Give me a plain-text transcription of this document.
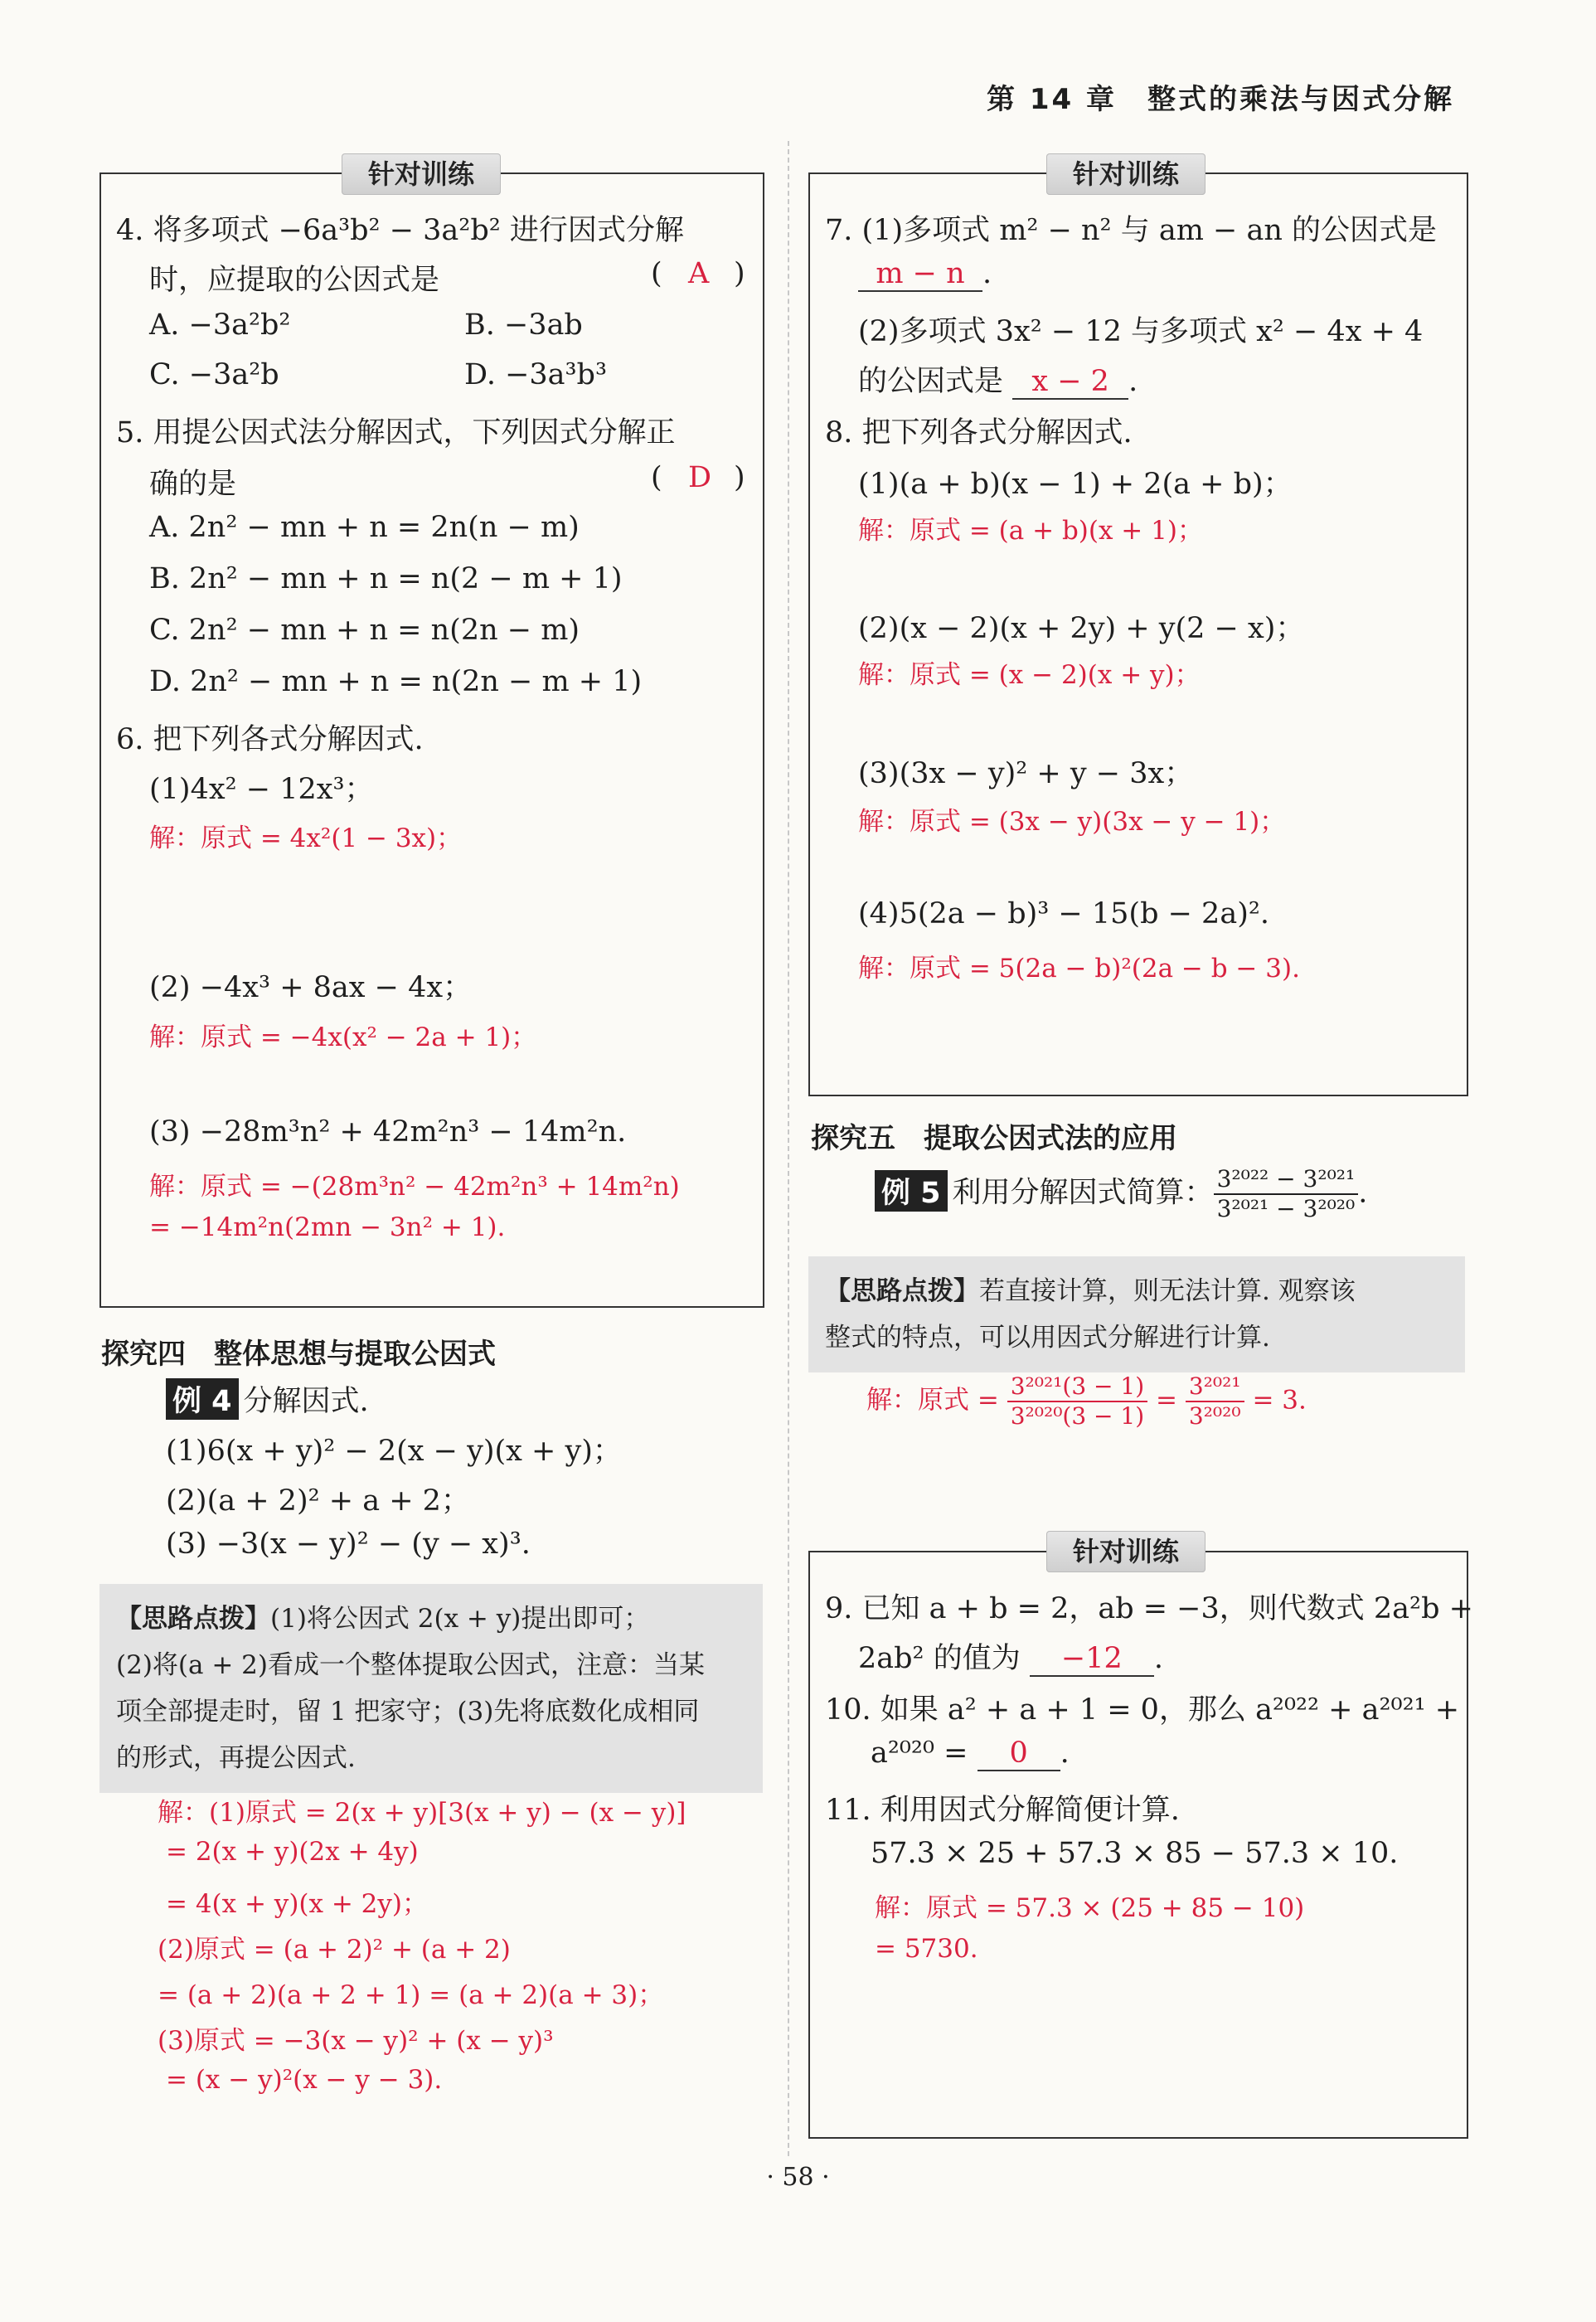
第 14 章　整式的乘法与因式分解
针对训练
4. 将多项式 −6a³b² − 3a²b² 进行因式分解
时，应提取的公因式是	( A )
A. −3a²b²	B. −3ab
C. −3a²b	D. −3a³b³
5. 用提公因式法分解因式，下列因式分解正
确的是	( D )
A. 2n² − mn + n = 2n(n − m)
B. 2n² − mn + n = n(2 − m + 1)
C. 2n² − mn + n = n(2n − m)
D. 2n² − mn + n = n(2n − m + 1)
6. 把下列各式分解因式.
(1)4x² − 12x³；
解：原式 = 4x²(1 − 3x)；
(2) −4x³ + 8ax − 4x；
解：原式 = −4x(x² − 2a + 1)；
(3) −28m³n² + 42m²n³ − 14m²n.
解：原式 = −(28m³n² − 42m²n³ + 14m²n)
= −14m²n(2mn − 3n² + 1).
探究四　整体思想与提取公因式
例 4 分解因式.
(1)6(x + y)² − 2(x − y)(x + y)；
(2)(a + 2)² + a + 2；
(3) −3(x − y)² − (y − x)³.
【思路点拨】(1)将公因式 2(x + y)提出即可；
(2)将(a + 2)看成一个整体提取公因式，注意：当某
项全部提走时，留 1 把家守；(3)先将底数化成相同
的形式，再提公因式.
解：(1)原式 = 2(x + y)[3(x + y) − (x − y)]
= 2(x + y)(2x + 4y)
= 4(x + y)(x + 2y)；
(2)原式 = (a + 2)² + (a + 2)
= (a + 2)(a + 2 + 1) = (a + 2)(a + 3)；
(3)原式 = −3(x − y)² + (x − y)³
= (x − y)²(x − y − 3).
针对训练
7. (1)多项式 m² − n² 与 am − an 的公因式是
m − n .
(2)多项式 3x² − 12 与多项式 x² − 4x + 4
的公因式是 x − 2 .
8. 把下列各式分解因式.
(1)(a + b)(x − 1) + 2(a + b)；
解：原式 = (a + b)(x + 1)；
(2)(x − 2)(x + 2y) + y(2 − x)；
解：原式 = (x − 2)(x + y)；
(3)(3x − y)² + y − 3x；
解：原式 = (3x − y)(3x − y − 1)；
(4)5(2a − b)³ − 15(b − 2a)².
解：原式 = 5(2a − b)²(2a − b − 3).
探究五　提取公因式法的应用
例 5 利用分解因式简算： $\frac{\text{3²⁰²² − 3²⁰²¹}}{\text{3²⁰²¹ − 3²⁰²⁰}}$ .
【思路点拨】若直接计算，则无法计算. 观察该
整式的特点，可以用因式分解进行计算.
解：原式 = $\frac{\text{3²⁰²¹(3 − 1)}}{\text{3²⁰²⁰(3 − 1)}} = \frac{\text{3²⁰²¹}}{\text{3²⁰²⁰}} = 3$.
针对训练
9. 已知 a + b = 2，ab = −3，则代数式 2a²b +
2ab² 的值为 −12 .
10. 如果 a² + a + 1 = 0，那么 a²⁰²² + a²⁰²¹ +
a²⁰²⁰ = 0 .
11. 利用因式分解简便计算.
57.3 × 25 + 57.3 × 85 − 57.3 × 10.
解：原式 = 57.3 × (25 + 85 − 10)
= 5730.
· 58 ·
